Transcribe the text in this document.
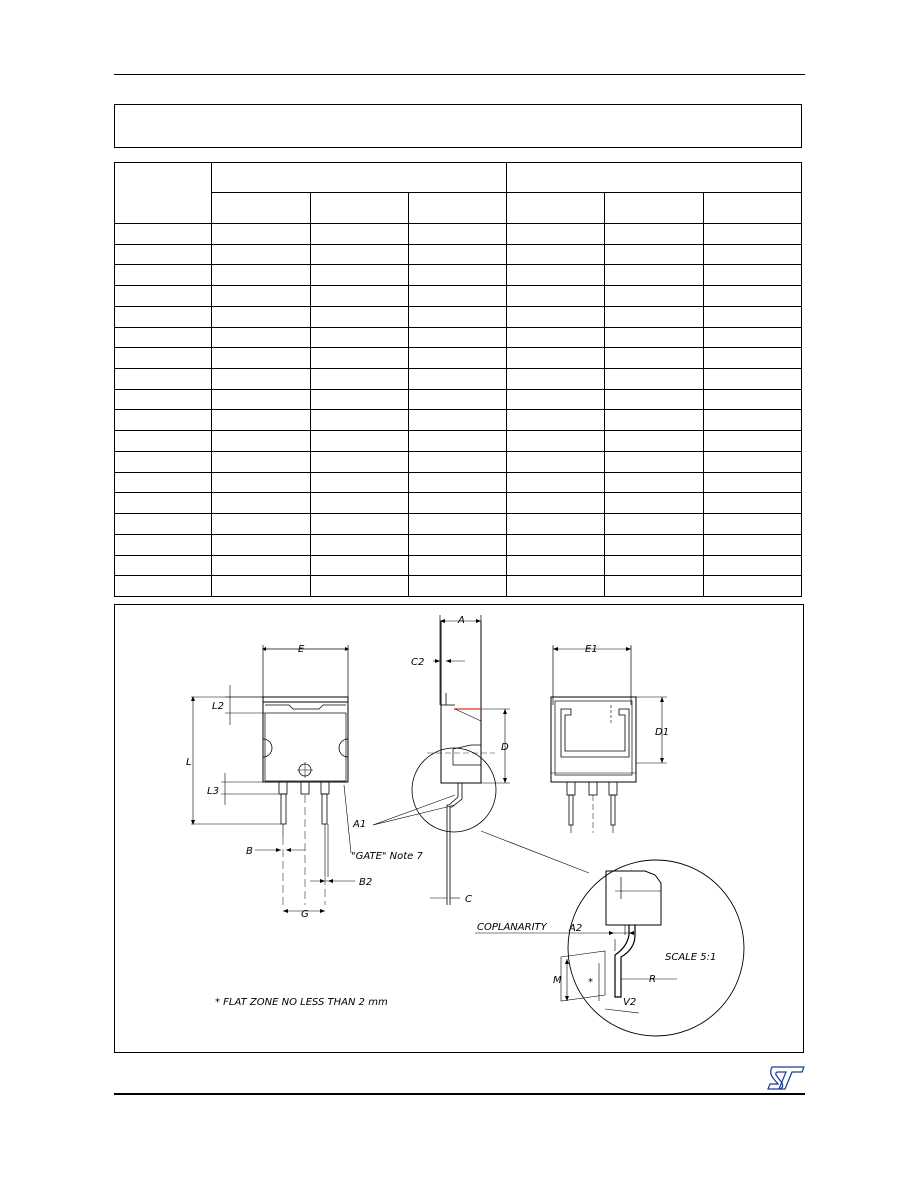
E
L
L2
L3
B
B2
G
"GATE" Note 7
A
C2
D
A1
C
E1
D1
COPLANARITY A2
SCALE 5:1
R
M	*
V2
* FLAT ZONE NO LESS THAN 2 mm
